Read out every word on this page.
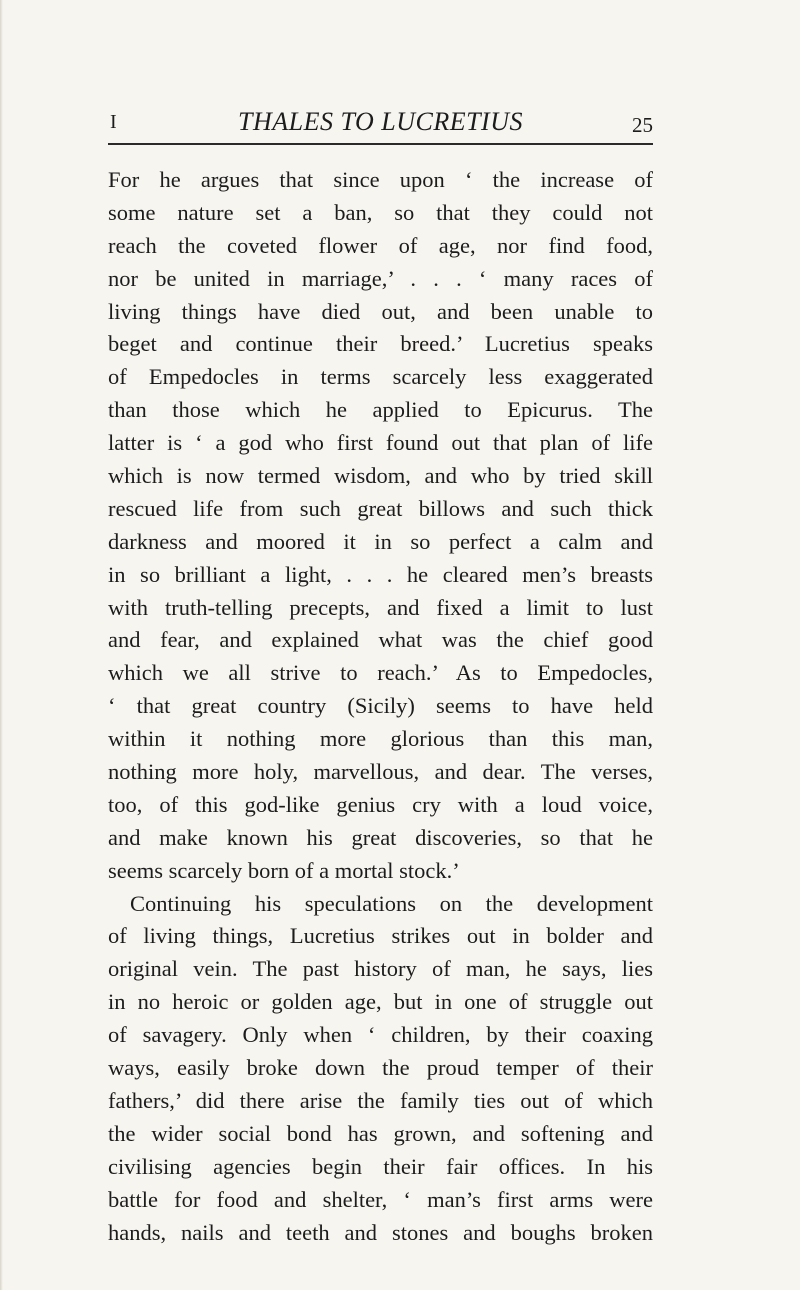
I	THALES TO LUCRETIUS	25
For he argues that since upon ‘ the increase of
some nature set a ban, so that they could not
reach the coveted flower of age, nor find food,
nor be united in marriage,’ . . . ‘ many races of
living things have died out, and been unable to
beget and continue their breed.’ Lucretius speaks
of Empedocles in terms scarcely less exaggerated
than those which he applied to Epicurus. The
latter is ‘ a god who first found out that plan of life
which is now termed wisdom, and who by tried skill
rescued life from such great billows and such thick
darkness and moored it in so perfect a calm and
in so brilliant a light, . . . he cleared men’s breasts
with truth-telling precepts, and fixed a limit to lust
and fear, and explained what was the chief good
which we all strive to reach.’ As to Empedocles,
‘ that great country (Sicily) seems to have held
within it nothing more glorious than this man,
nothing more holy, marvellous, and dear. The verses,
too, of this god-like genius cry with a loud voice,
and make known his great discoveries, so that he
seems scarcely born of a mortal stock.’
Continuing his speculations on the development
of living things, Lucretius strikes out in bolder and
original vein. The past history of man, he says, lies
in no heroic or golden age, but in one of struggle out
of savagery. Only when ‘ children, by their coaxing
ways, easily broke down the proud temper of their
fathers,’ did there arise the family ties out of which
the wider social bond has grown, and softening and
civilising agencies begin their fair offices. In his
battle for food and shelter, ‘ man’s first arms were
hands, nails and teeth and stones and boughs broken
